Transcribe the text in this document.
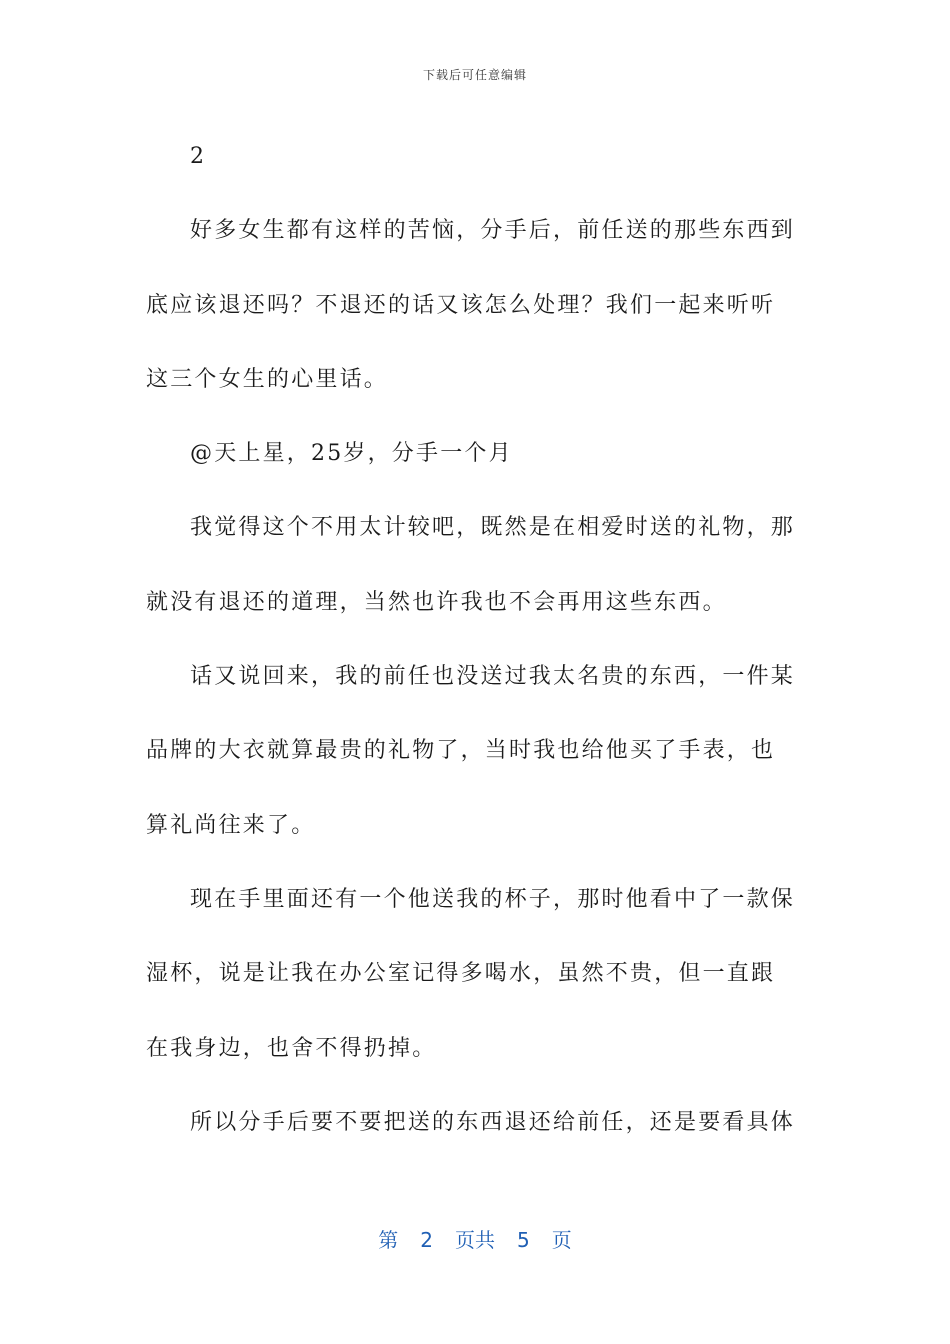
下载后可任意编辑

2

好多女生都有这样的苦恼，分手后，前任送的那些东西到底应该退还吗？不退还的话又该怎么处理？我们一起来听听这三个女生的心里话。

@天上星，25岁，分手一个月

我觉得这个不用太计较吧，既然是在相爱时送的礼物，那就没有退还的道理，当然也许我也不会再用这些东西。

话又说回来，我的前任也没送过我太名贵的东西，一件某品牌的大衣就算最贵的礼物了，当时我也给他买了手表，也算礼尚往来了。

现在手里面还有一个他送我的杯子，那时他看中了一款保湿杯，说是让我在办公室记得多喝水，虽然不贵，但一直跟在我身边，也舍不得扔掉。

所以分手后要不要把送的东西退还给前任，还是要看具体

第 2 页共 5 页
